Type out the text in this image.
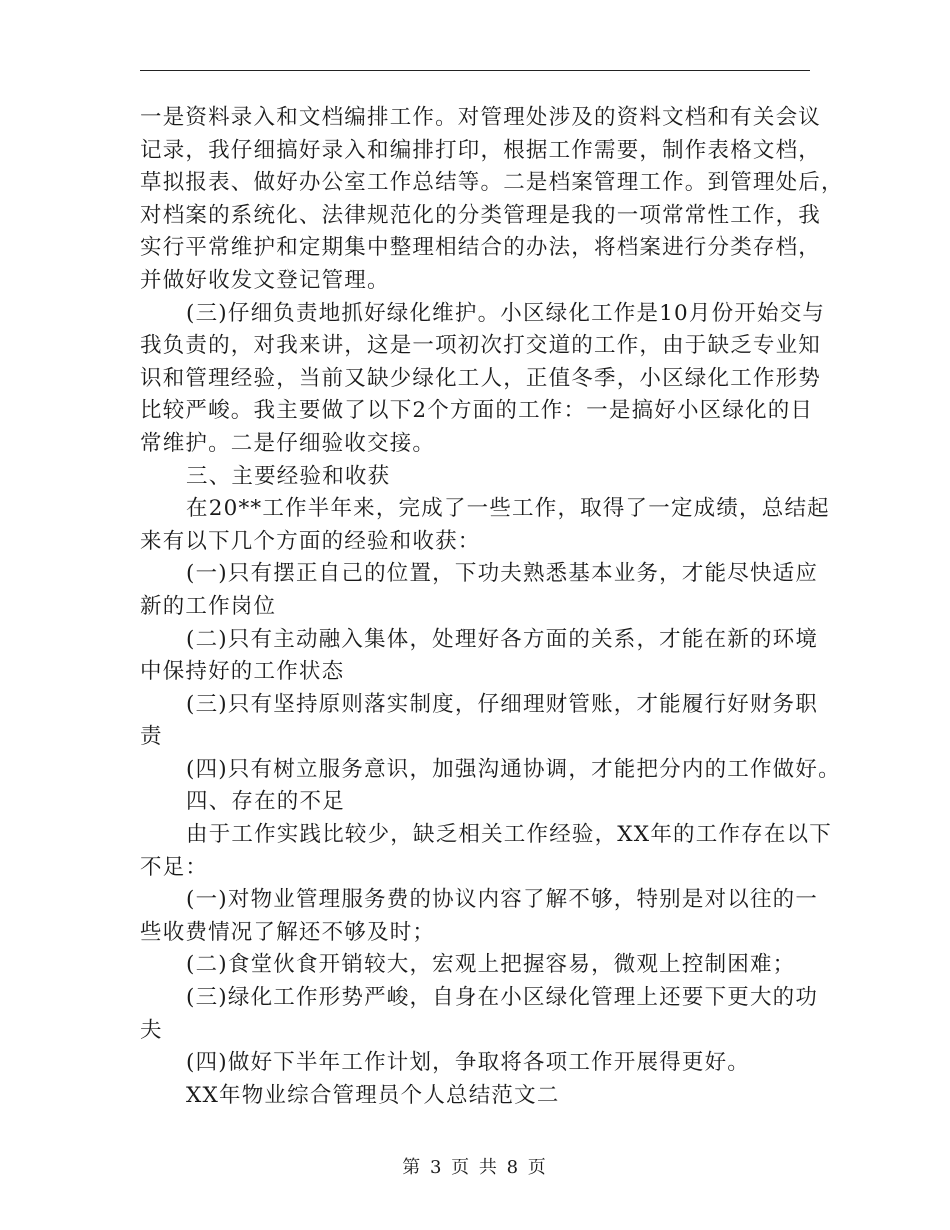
一是资料录入和文档编排工作。对管理处涉及的资料文档和有关会议
记录，我仔细搞好录入和编排打印，根据工作需要，制作表格文档，
草拟报表、做好办公室工作总结等。二是档案管理工作。到管理处后，
对档案的系统化、法律规范化的分类管理是我的一项常常性工作，我
实行平常维护和定期集中整理相结合的办法，将档案进行分类存档，
并做好收发文登记管理。
(三)仔细负责地抓好绿化维护。小区绿化工作是10月份开始交与
我负责的，对我来讲，这是一项初次打交道的工作，由于缺乏专业知
识和管理经验，当前又缺少绿化工人，正值冬季，小区绿化工作形势
比较严峻。我主要做了以下2个方面的工作：一是搞好小区绿化的日
常维护。二是仔细验收交接。
三、主要经验和收获
在20**工作半年来，完成了一些工作，取得了一定成绩，总结起
来有以下几个方面的经验和收获：
(一)只有摆正自己的位置，下功夫熟悉基本业务，才能尽快适应
新的工作岗位
(二)只有主动融入集体，处理好各方面的关系，才能在新的环境
中保持好的工作状态
(三)只有坚持原则落实制度，仔细理财管账，才能履行好财务职
责
(四)只有树立服务意识，加强沟通协调，才能把分内的工作做好。
四、存在的不足
由于工作实践比较少，缺乏相关工作经验，XX年的工作存在以下
不足：
(一)对物业管理服务费的协议内容了解不够，特别是对以往的一
些收费情况了解还不够及时；
(二)食堂伙食开销较大，宏观上把握容易，微观上控制困难；
(三)绿化工作形势严峻，自身在小区绿化管理上还要下更大的功
夫
(四)做好下半年工作计划，争取将各项工作开展得更好。
XX年物业综合管理员个人总结范文二
第 3 页 共 8 页
